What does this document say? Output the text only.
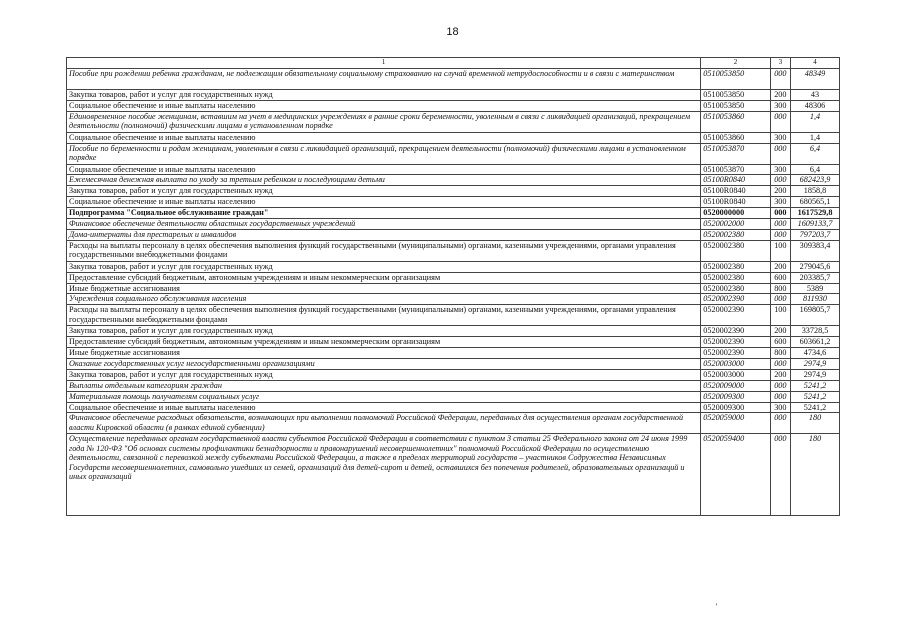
18
1	2	3	4
Пособие при рождении ребенка гражданам, не подлежащим обязательному социальному страхованию на случай временной нетрудоспособности и в связи с материнством	0510053850	000	48349
Закупка товаров, работ и услуг для государственных нужд	0510053850	200	43
Социальное обеспечение и иные выплаты населению	0510053850	300	48306
Единовременное пособие женщинам, вставшим на учет в медицинских учреждениях в ранние сроки беременности, уволенным в связи с ликвидацией организаций, прекращением деятельности (полномочий) физическими лицами в установленном порядке	0510053860	000	1,4
Социальное обеспечение и иные выплаты населению	0510053860	300	1,4
Пособие по беременности и родам женщинам, уволенным в связи с ликвидацией организаций, прекращением деятельности (полномочий) физическими лицами в установленном порядке	0510053870	000	6,4
Социальное обеспечение и иные выплаты населению	0510053870	300	6,4
Ежемесячная денежная выплата по уходу за третьим ребенком и последующими детьми	05100R0840	000	682423,9
Закупка товаров, работ и услуг для государственных нужд	05100R0840	200	1858,8
Социальное обеспечение и иные выплаты населению	05100R0840	300	680565,1
Подпрограмма "Социальное обслуживание граждан"	0520000000	000	1617529,8
Финансовое обеспечение деятельности областных государственных учреждений	0520002000	000	1609133,7
Дома-интернаты для престарелых и инвалидов	0520002380	000	797203,7
Расходы на выплаты персоналу в целях обеспечения выполнения функций государственными (муниципальными) органами, казенными учреждениями, органами управления государственными внебюджетными фондами	0520002380	100	309383,4
Закупка товаров, работ и услуг для государственных нужд	0520002380	200	279045,6
Предоставление субсидий бюджетным, автономным учреждениям и иным некоммерческим организациям	0520002380	600	203385,7
Иные бюджетные ассигнования	0520002380	800	5389
Учреждения социального обслуживания населения	0520002390	000	811930
Расходы на выплаты персоналу в целях обеспечения выполнения функций государственными (муниципальными) органами, казенными учреждениями, органами управления государственными внебюджетными фондами	0520002390	100	169805,7
Закупка товаров, работ и услуг для государственных нужд	0520002390	200	33728,5
Предоставление субсидий бюджетным, автономным учреждениям и иным некоммерческим организациям	0520002390	600	603661,2
Иные бюджетные ассигнования	0520002390	800	4734,6
Оказание государственных услуг негосударственными организациями	0520003000	000	2974,9
Закупка товаров, работ и услуг для государственных нужд	0520003000	200	2974,9
Выплаты отдельным категориям граждан	0520009000	000	5241,2
Материальная помощь получателям социальных услуг	0520009300	000	5241,2
Социальное обеспечение и иные выплаты населению	0520009300	300	5241,2
Финансовое обеспечение расходных обязательств, возникающих при выполнении полномочий Российской Федерации, переданных для осуществления органам государственной власти Кировской области (в рамках единой субвенции)	0520059000	000	180
Осуществление переданных органам государственной власти субъектов Российской Федерации в соответствии с пунктом 3 статьи 25 Федерального закона от 24 июня 1999 года № 120-ФЗ "Об основах системы профилактики безнадзорности и правонарушений несовершеннолетних" полномочий Российской Федерации по осуществлению деятельности, связанной с перевозкой между субъектами Российской Федерации, а также в пределах территорий государств – участников Содружества Независимых Государств несовершеннолетних, самовольно ушедших из семей, организаций для детей-сирот и детей, оставшихся без попечения родителей, образовательных организаций и иных организаций	0520059400	000	180
'
